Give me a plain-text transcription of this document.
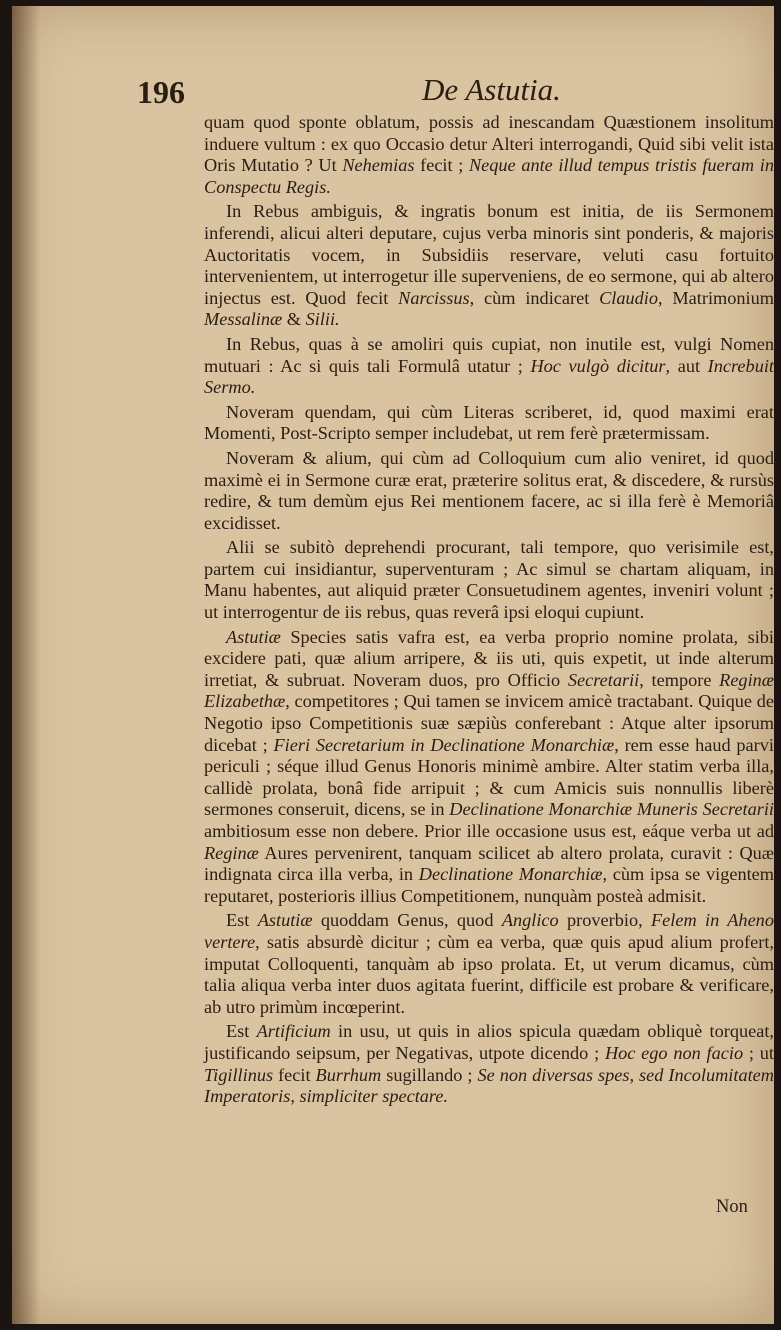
196	De Astutia.

quam quod sponte oblatum, possis ad inescandam Quæstionem insolitum induere vultum : ex quo Occasio detur Alteri interrogandi, Quid sibi velit ista Oris Mutatio ? Ut Nehemias fecit ; Neque ante illud tempus tristis fueram in Conspectu Regis.

In Rebus ambiguis, & ingratis bonum est initia, de iis Sermonem inferendi, alicui alteri deputare, cujus verba minoris sint ponderis, & majoris Auctoritatis vocem, in Subsidiis reservare, veluti casu fortuito intervenientem, ut interrogetur ille superveniens, de eo sermone, qui ab altero injectus est. Quod fecit Narcissus, cùm indicaret Claudio, Matrimonium Messalinæ & Silii.

In Rebus, quas à se amoliri quis cupiat, non inutile est, vulgi Nomen mutuari : Ac si quis tali Formulâ utatur ; Hoc vulgò dicitur, aut Increbuit Sermo.

Noveram quendam, qui cùm Literas scriberet, id, quod maximi erat Momenti, Post-Scripto semper includebat, ut rem ferè prætermissam.

Noveram & alium, qui cùm ad Colloquium cum alio veniret, id quod maximè ei in Sermone curæ erat, præterire solitus erat, & discedere, & rursùs redire, & tum demùm ejus Rei mentionem facere, ac si illa ferè è Memoriâ excidisset.

Alii se subitò deprehendi procurant, tali tempore, quo verisimile est, partem cui insidiantur, superventuram ; Ac simul se chartam aliquam, in Manu habentes, aut aliquid præter Consuetudinem agentes, inveniri volunt ; ut interrogentur de iis rebus, quas reverâ ipsi eloqui cupiunt.

Astutiæ Species satis vafra est, ea verba proprio nomine prolata, sibi excidere pati, quæ alium arripere, & iis uti, quis expetit, ut inde alterum irretiat, & subruat. Noveram duos, pro Officio Secretarii, tempore Reginæ Elizabethæ, competitores ; Qui tamen se invicem amicè tractabant. Quique de Negotio ipso Competitionis suæ sæpiùs conferebant : Atque alter ipsorum dicebat ; Fieri Secretarium in Declinatione Monarchiæ, rem esse haud parvi periculi ; séque illud Genus Honoris minimè ambire. Alter statim verba illa, callidè prolata, bonâ fide arripuit ; & cum Amicis suis nonnullis liberè sermones conseruit, dicens, se in Declinatione Monarchiæ Muneris Secretarii ambitiosum esse non debere. Prior ille occasione usus est, eáque verba ut ad Reginæ Aures pervenirent, tanquam scilicet ab altero prolata, curavit : Quæ indignata circa illa verba, in Declinatione Monarchiæ, cùm ipsa se vigentem reputaret, posterioris illius Competitionem, nunquàm posteà admisit.

Est Astutiæ quoddam Genus, quod Anglico proverbio, Felem in Aheno vertere, satis absurdè dicitur ; cùm ea verba, quæ quis apud alium profert, imputat Colloquenti, tanquàm ab ipso prolata. Et, ut verum dicamus, cùm talia aliqua verba inter duos agitata fuerint, difficile est probare & verificare, ab utro primùm incœperint.

Est Artificium in usu, ut quis in alios spicula quædam obliquè torqueat, justificando seipsum, per Negativas, utpote dicendo ; Hoc ego non facio ; ut Tigillinus fecit Burrhum sugillando ; Se non diversas spes, sed Incolumitatem Imperatoris, simpliciter spectare.

Non
